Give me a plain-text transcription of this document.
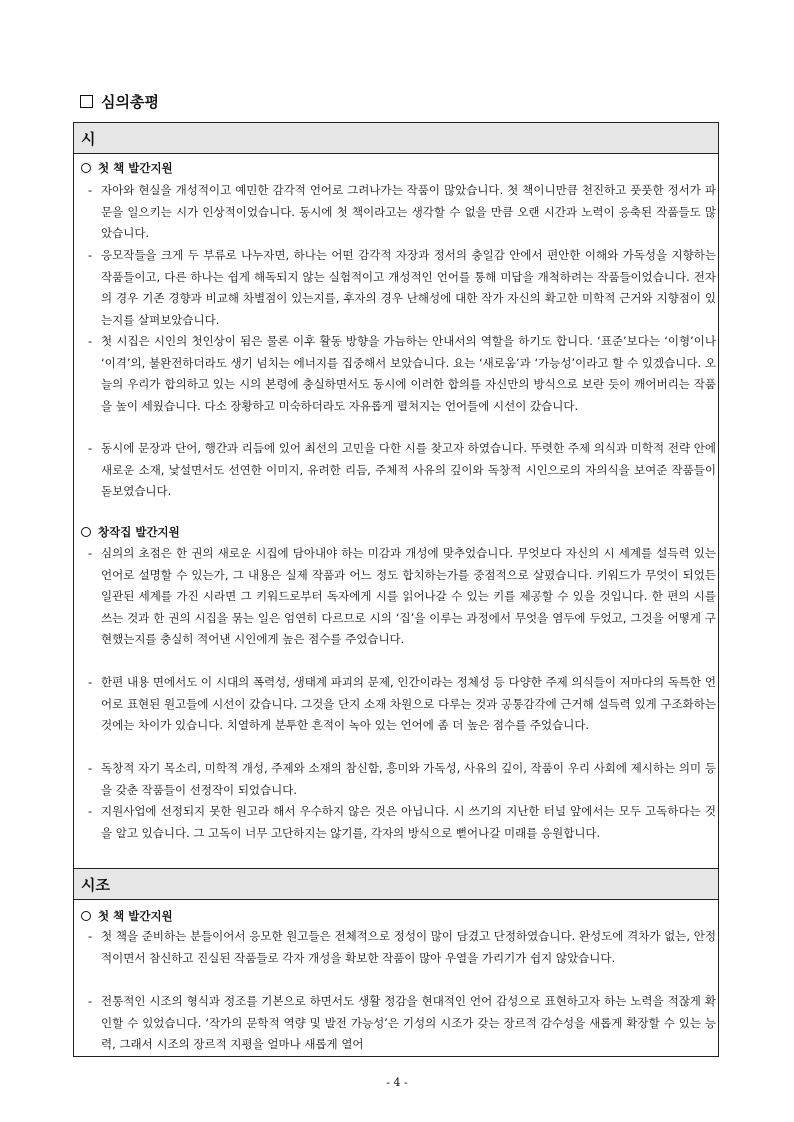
심의총평
시
첫 책 발간지원
- 자아와 현실을 개성적이고 예민한 감각적 언어로 그려나가는 작품이 많았습니다. 첫 책이니만큼 천진하고 풋풋한 정서가 파문을 일으키는 시가 인상적이었습니다. 동시에 첫 책이라고는 생각할 수 없을 만큼 오랜 시간과 노력이 응축된 작품들도 많았습니다.
- 응모작들을 크게 두 부류로 나누자면, 하나는 어떤 감각적 자장과 정서의 충일감 안에서 편안한 이해와 가독성을 지향하는 작품들이고, 다른 하나는 쉽게 해독되지 않는 실험적이고 개성적인 언어를 통해 미답을 개척하려는 작품들이었습니다. 전자의 경우 기존 경향과 비교해 차별점이 있는지를, 후자의 경우 난해성에 대한 작가 자신의 확고한 미학적 근거와 지향점이 있는지를 살펴보았습니다.
- 첫 시집은 시인의 첫인상이 됨은 물론 이후 활동 방향을 가늠하는 안내서의 역할을 하기도 합니다. ‘표준’보다는 ‘이형’이나 ‘이격’의, 불완전하더라도 생기 넘치는 에너지를 집중해서 보았습니다. 요는 ‘새로움’과 ‘가능성’이라고 할 수 있겠습니다. 오늘의 우리가 합의하고 있는 시의 본령에 충실하면서도 동시에 이러한 합의를 자신만의 방식으로 보란 듯이 깨어버리는 작품을 높이 세웠습니다. 다소 장황하고 미숙하더라도 자유롭게 펼쳐지는 언어들에 시선이 갔습니다.
- 동시에 문장과 단어, 행간과 리듬에 있어 최선의 고민을 다한 시를 찾고자 하였습니다. 뚜렷한 주제 의식과 미학적 전략 안에 새로운 소재, 낯설면서도 선연한 이미지, 유려한 리듬, 주체적 사유의 깊이와 독창적 시인으로의 자의식을 보여준 작품들이 돋보였습니다.
창작집 발간지원
- 심의의 초점은 한 권의 새로운 시집에 담아내야 하는 미감과 개성에 맞추었습니다. 무엇보다 자신의 시 세계를 설득력 있는 언어로 설명할 수 있는가, 그 내용은 실제 작품과 어느 정도 합치하는가를 중점적으로 살폈습니다. 키워드가 무엇이 되었든 일관된 세계를 가진 시라면 그 키워드로부터 독자에게 시를 읽어나갈 수 있는 키를 제공할 수 있을 것입니다. 한 편의 시를 쓰는 것과 한 권의 시집을 묶는 일은 엄연히 다르므로 시의 ‘집’을 이루는 과정에서 무엇을 염두에 두었고, 그것을 어떻게 구현했는지를 충실히 적어낸 시인에게 높은 점수를 주었습니다.
- 한편 내용 면에서도 이 시대의 폭력성, 생태계 파괴의 문제, 인간이라는 정체성 등 다양한 주제 의식들이 저마다의 독특한 언어로 표현된 원고들에 시선이 갔습니다. 그것을 단지 소재 차원으로 다루는 것과 공통감각에 근거해 설득력 있게 구조화하는 것에는 차이가 있습니다. 치열하게 분투한 흔적이 녹아 있는 언어에 좀 더 높은 점수를 주었습니다.
- 독창적 자기 목소리, 미학적 개성, 주제와 소재의 참신함, 흥미와 가독성, 사유의 깊이, 작품이 우리 사회에 제시하는 의미 등을 갖춘 작품들이 선정작이 되었습니다.
- 지원사업에 선정되지 못한 원고라 해서 우수하지 않은 것은 아닙니다. 시 쓰기의 지난한 터널 앞에서는 모두 고독하다는 것을 알고 있습니다. 그 고독이 너무 고단하지는 않기를, 각자의 방식으로 뻗어나갈 미래를 응원합니다.
시조
첫 책 발간지원
- 첫 책을 준비하는 분들이어서 응모한 원고들은 전체적으로 정성이 많이 담겼고 단정하였습니다. 완성도에 격차가 없는, 안정적이면서 참신하고 진실된 작품들로 각자 개성을 확보한 작품이 많아 우열을 가리기가 쉽지 않았습니다.
- 전통적인 시조의 형식과 정조를 기본으로 하면서도 생활 정감을 현대적인 언어 감성으로 표현하고자 하는 노력을 적잖게 확인할 수 있었습니다. ‘작가의 문학적 역량 및 발전 가능성’은 기성의 시조가 갖는 장르적 감수성을 새롭게 확장할 수 있는 능력, 그래서 시조의 장르적 지평을 얼마나 새롭게 열어
- 4 -
